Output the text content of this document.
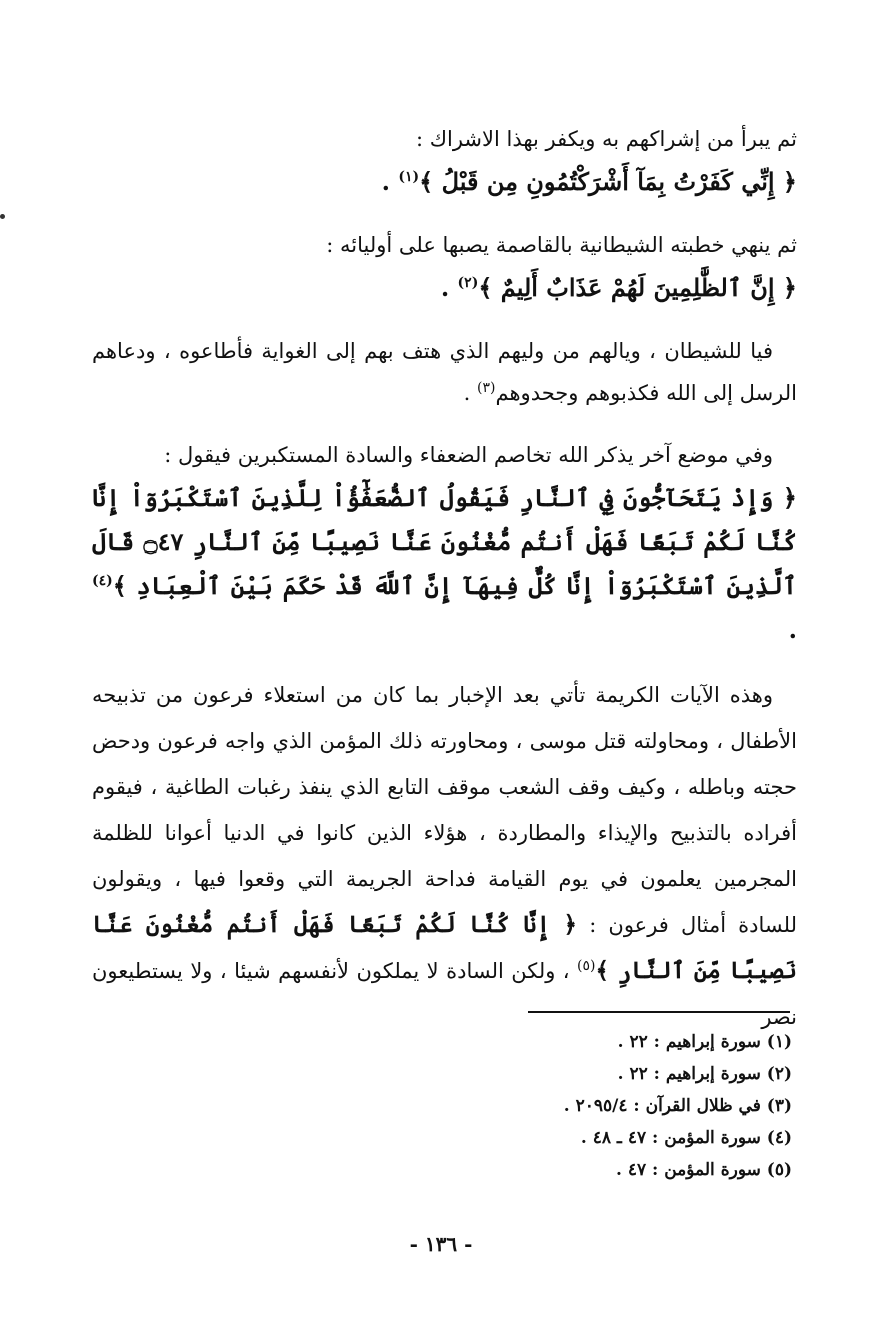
ثم يبرأ من إشراكهم به ويكفر بهذا الاشراك :

﴿ إِنِّي كَفَرْتُ بِمَآ أَشْرَكْتُمُونِ مِن قَبْلُ ﴾$^{(١)}$ .

ثم ينهي خطبته الشيطانية بالقاصمة يصبها على أوليائه :

﴿ إِنَّ ٱلظَّٰلِمِينَ لَهُمْ عَذَابٌ أَلِيمٌ ﴾$^{(٢)}$ .

فيا للشيطان ، ويالهم من وليهم الذي هتف بهم إلى الغواية فأطاعوه ، ودعاهم الرسل إلى الله فكذبوهم وجحدوهم$^{(٣)}$ .

وفي موضع آخر يذكر الله تخاصم الضعفاء والسادة المستكبرين فيقول :

﴿ وَإِذْ يَتَحَآجُّونَ فِي ٱلنَّارِ فَيَقُولُ ٱلضُّعَفَٰٓؤُاْ لِلَّذِينَ ٱسْتَكْبَرُوٓاْ إِنَّا كُنَّا لَكُمْ تَبَعًا فَهَلْ أَنتُم مُّغْنُونَ عَنَّا نَصِيبًا مِّنَ ٱلنَّارِ ۝٤٧ قَالَ ٱلَّذِينَ ٱسْتَكْبَرُوٓاْ إِنَّا كُلٌّ فِيهَآ إِنَّ ٱللَّهَ قَدْ حَكَمَ بَيْنَ ٱلْعِبَادِ ﴾$^{(٤)}$ .

وهذه الآيات الكريمة تأتي بعد الإخبار بما كان من استعلاء فرعون من تذبيحه الأطفال ، ومحاولته قتل موسى ، ومحاورته ذلك المؤمن الذي واجه فرعون ودحض حجته وباطله ، وكيف وقف الشعب موقف التابع الذي ينفذ رغبات الطاغية ، فيقوم أفراده بالتذبيح والإيذاء والمطاردة ، هؤلاء الذين كانوا في الدنيا أعوانا للظلمة المجرمين يعلمون في يوم القيامة فداحة الجريمة التي وقعوا فيها ، ويقولون للسادة أمثال فرعون : ﴿ إِنَّا كُنَّا لَكُمْ تَبَعًا فَهَلْ أَنتُم مُّغْنُونَ عَنَّا نَصِيبًا مِّنَ ٱلنَّارِ ﴾$^{(٥)}$ ، ولكن السادة لا يملكون لأنفسهم شيئا ، ولا يستطيعون نصر

(١) سورة إبراهيم : ٢٢ .
(٢) سورة إبراهيم : ٢٢ .
(٣) في ظلال القرآن : ٢٠٩٥/٤ .
(٤) سورة المؤمن : ٤٧ ـ ٤٨ .
(٥) سورة المؤمن : ٤٧ .
- ١٣٦ -
